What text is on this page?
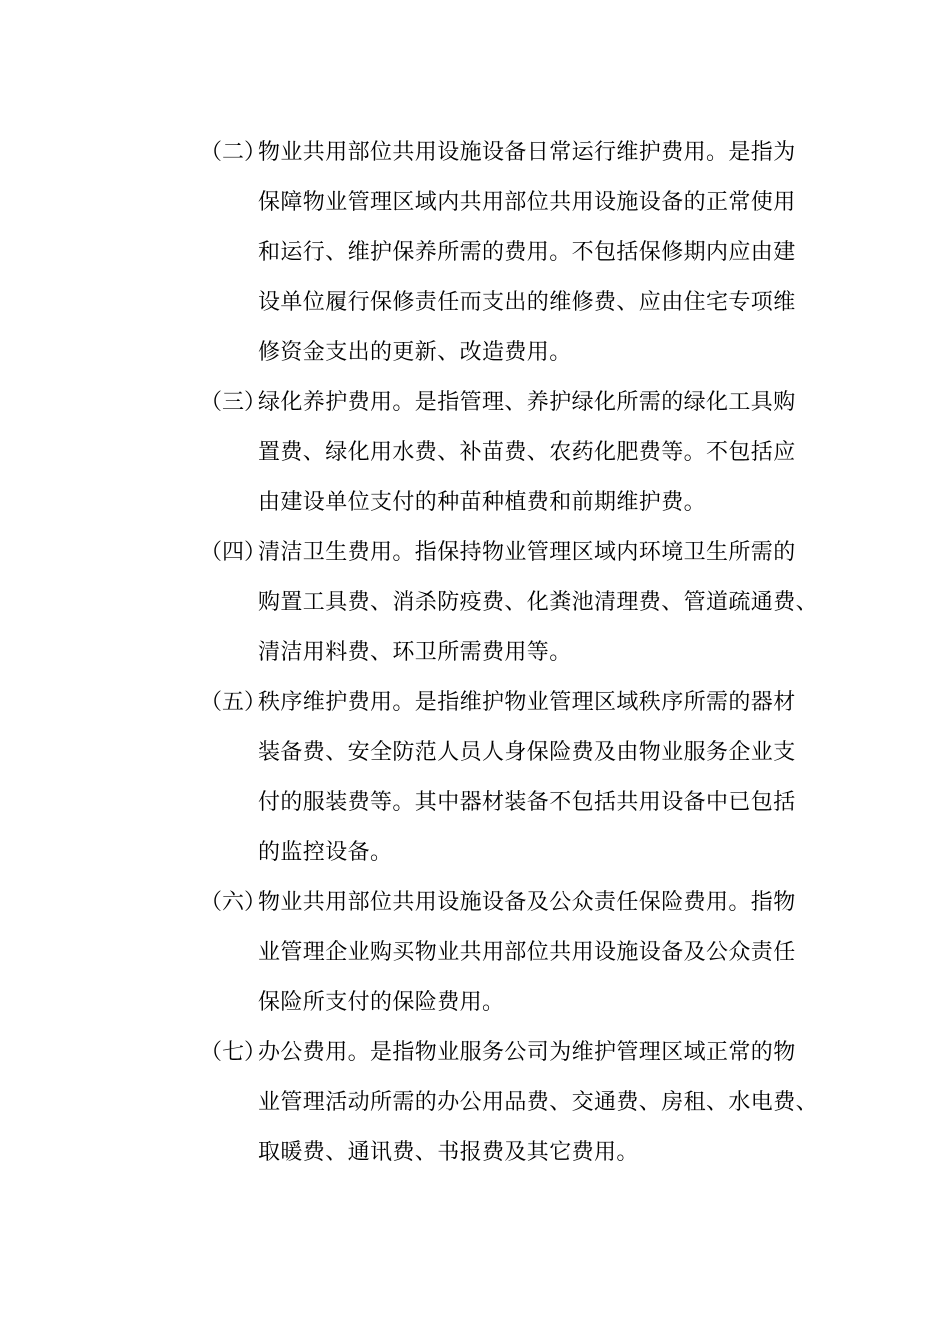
（二）
物业共用部位共用设施设备日常运行维护费用。是指为
保障物业管理区域内共用部位共用设施设备的正常使用
和运行、维护保养所需的费用。不包括保修期内应由建
设单位履行保修责任而支出的维修费、应由住宅专项维
修资金支出的更新、改造费用。
（三）
绿化养护费用。是指管理、养护绿化所需的绿化工具购
置费、绿化用水费、补苗费、农药化肥费等。不包括应
由建设单位支付的种苗种植费和前期维护费。
（四）
清洁卫生费用。指保持物业管理区域内环境卫生所需的
购置工具费、消杀防疫费、化粪池清理费、管道疏通费、
清洁用料费、环卫所需费用等。
（五）
秩序维护费用。是指维护物业管理区域秩序所需的器材
装备费、安全防范人员人身保险费及由物业服务企业支
付的服装费等。其中器材装备不包括共用设备中已包括
的监控设备。
（六）
物业共用部位共用设施设备及公众责任保险费用。指物
业管理企业购买物业共用部位共用设施设备及公众责任
保险所支付的保险费用。
（七）
办公费用。是指物业服务公司为维护管理区域正常的物
业管理活动所需的办公用品费、交通费、房租、水电费、
取暖费、通讯费、书报费及其它费用。
